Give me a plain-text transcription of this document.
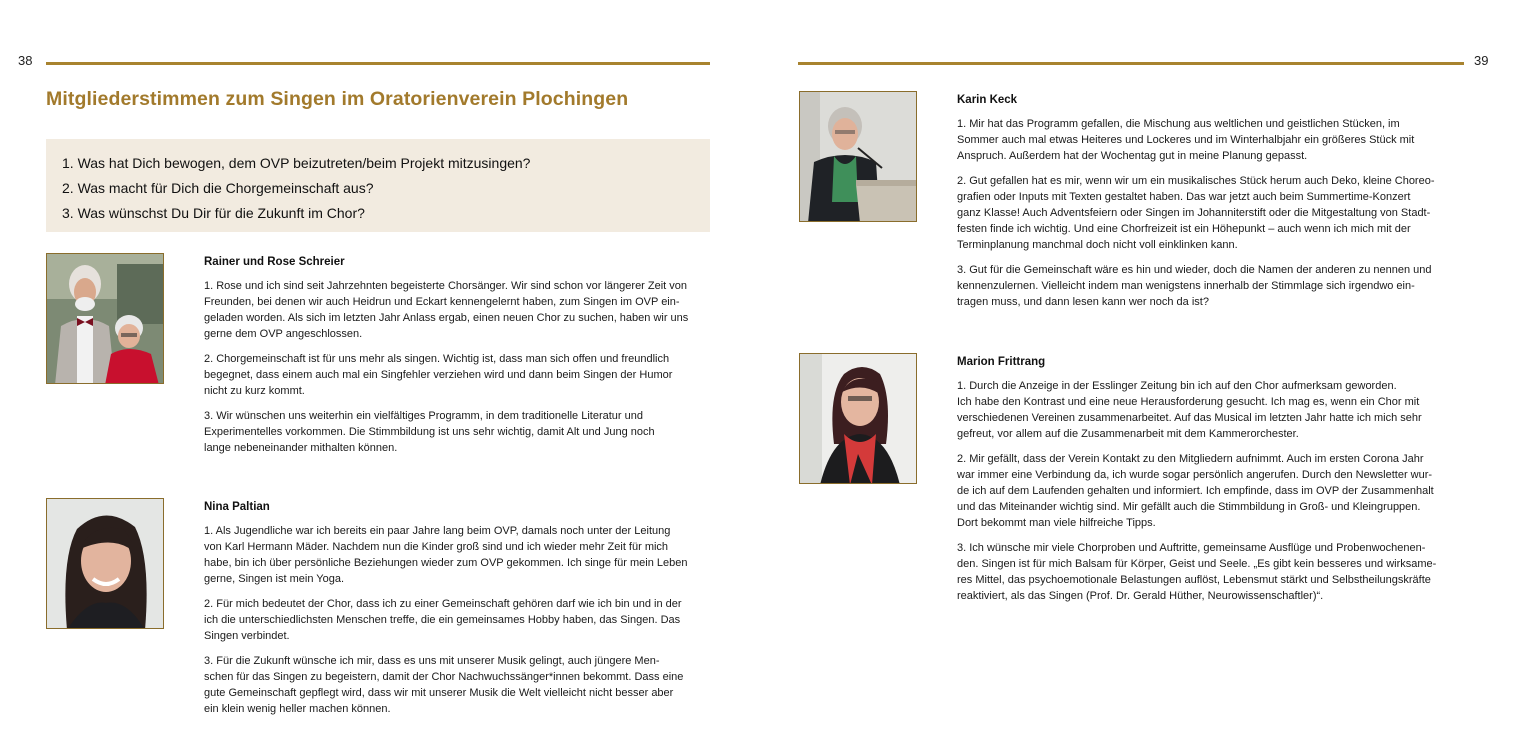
38
Mitgliederstimmen zum Singen im Oratorienverein Plochingen
1. Was hat Dich bewogen, dem OVP beizutreten/beim Projekt mitzusingen?
2. Was macht für Dich die Chorgemeinschaft aus?
3. Was wünschst Du Dir für die Zukunft im Chor?
Rainer und Rose Schreier

1. Rose und ich sind seit Jahrzehnten begeisterte Chorsänger. Wir sind schon vor längerer Zeit von
Freunden, bei denen wir auch Heidrun und Eckart kennengelernt haben, zum Singen im OVP ein-
geladen worden. Als sich im letzten Jahr Anlass ergab, einen neuen Chor zu suchen, haben wir uns
gerne dem OVP angeschlossen.

2. Chorgemeinschaft ist für uns mehr als singen. Wichtig ist, dass man sich offen und freundlich
begegnet, dass einem auch mal ein Singfehler verziehen wird und dann beim Singen der Humor
nicht zu kurz kommt.

3. Wir wünschen uns weiterhin ein vielfältiges Programm, in dem traditionelle Literatur und
Experimentelles vorkommen. Die Stimmbildung ist uns sehr wichtig, damit Alt und Jung noch
lange nebeneinander mithalten können.

Nina Paltian

1. Als Jugendliche war ich bereits ein paar Jahre lang beim OVP, damals noch unter der Leitung
von Karl Hermann Mäder. Nachdem nun die Kinder groß sind und ich wieder mehr Zeit für mich
habe, bin ich über persönliche Beziehungen wieder zum OVP gekommen. Ich singe für mein Leben
gerne, Singen ist mein Yoga.

2. Für mich bedeutet der Chor, dass ich zu einer Gemeinschaft gehören darf wie ich bin und in der
ich die unterschiedlichsten Menschen treffe, die ein gemeinsames Hobby haben, das Singen. Das
Singen verbindet.

3. Für die Zukunft wünsche ich mir, dass es uns mit unserer Musik gelingt, auch jüngere Men-
schen für das Singen zu begeistern, damit der Chor Nachwuchssänger*innen bekommt. Dass eine
gute Gemeinschaft gepflegt wird, dass wir mit unserer Musik die Welt vielleicht nicht besser aber
ein klein wenig heller machen können.

39
Karin Keck

1. Mir hat das Programm gefallen, die Mischung aus weltlichen und geistlichen Stücken, im
Sommer auch mal etwas Heiteres und Lockeres und im Winterhalbjahr ein größeres Stück mit
Anspruch. Außerdem hat der Wochentag gut in meine Planung gepasst.

2. Gut gefallen hat es mir, wenn wir um ein musikalisches Stück herum auch Deko, kleine Choreo-
grafien oder Inputs mit Texten gestaltet haben. Das war jetzt auch beim Summertime-Konzert
ganz Klasse! Auch Adventsfeiern oder Singen im Johanniterstift oder die Mitgestaltung von Stadt-
festen finde ich wichtig. Und eine Chorfreizeit ist ein Höhepunkt – auch wenn ich mich mit der
Terminplanung manchmal doch nicht voll einklinken kann.

3. Gut für die Gemeinschaft wäre es hin und wieder, doch die Namen der anderen zu nennen und
kennenzulernen. Vielleicht indem man wenigstens innerhalb der Stimmlage sich irgendwo ein-
tragen muss, und dann lesen kann wer noch da ist?

Marion Frittrang

1. Durch die Anzeige in der Esslinger Zeitung bin ich auf den Chor aufmerksam geworden.
Ich habe den Kontrast und eine neue Herausforderung gesucht. Ich mag es, wenn ein Chor mit
verschiedenen Vereinen zusammenarbeitet. Auf das Musical im letzten Jahr hatte ich mich sehr
gefreut, vor allem auf die Zusammenarbeit mit dem Kammerorchester.

2. Mir gefällt, dass der Verein Kontakt zu den Mitgliedern aufnimmt. Auch im ersten Corona Jahr
war immer eine Verbindung da, ich wurde sogar persönlich angerufen. Durch den Newsletter wur-
de ich auf dem Laufenden gehalten und informiert. Ich empfinde, dass im OVP der Zusammenhalt
und das Miteinander wichtig sind. Mir gefällt auch die Stimmbildung in Groß- und Kleingruppen.
Dort bekommt man viele hilfreiche Tipps.

3. Ich wünsche mir viele Chorproben und Auftritte, gemeinsame Ausflüge und Probenwochenen-
den. Singen ist für mich Balsam für Körper, Geist und Seele. „Es gibt kein besseres und wirksame-
res Mittel, das psychoemotionale Belastungen auflöst, Lebensmut stärkt und Selbstheilungskräfte
reaktiviert, als das Singen (Prof. Dr. Gerald Hüther, Neurowissenschaftler)“.
